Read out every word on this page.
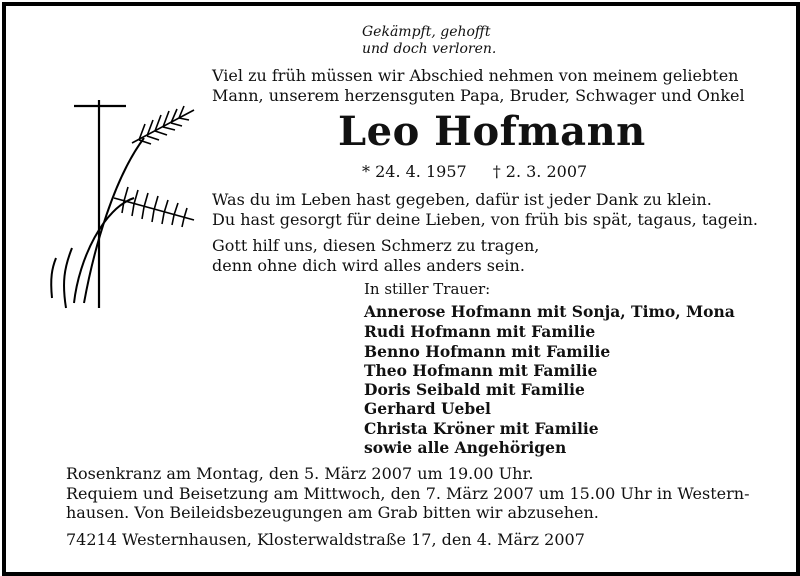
Gekämpft, gehofft
und doch verloren.
Viel zu früh müssen wir Abschied nehmen von meinem geliebten
Mann, unserem herzensguten Papa, Bruder, Schwager und Onkel
Leo Hofmann
* 24. 4. 1957 † 2. 3. 2007
Was du im Leben hast gegeben, dafür ist jeder Dank zu klein.
Du hast gesorgt für deine Lieben, von früh bis spät, tagaus, tagein.
Gott hilf uns, diesen Schmerz zu tragen,
denn ohne dich wird alles anders sein.
In stiller Trauer:
Annerose Hofmann mit Sonja, Timo, Mona
Rudi Hofmann mit Familie
Benno Hofmann mit Familie
Theo Hofmann mit Familie
Doris Seibald mit Familie
Gerhard Uebel
Christa Kröner mit Familie
sowie alle Angehörigen
Rosenkranz am Montag, den 5. März 2007 um 19.00 Uhr.
Requiem und Beisetzung am Mittwoch, den 7. März 2007 um 15.00 Uhr in Western-
hausen. Von Beileidsbezeugungen am Grab bitten wir abzusehen.
74214 Westernhausen, Klosterwaldstraße 17, den 4. März 2007
